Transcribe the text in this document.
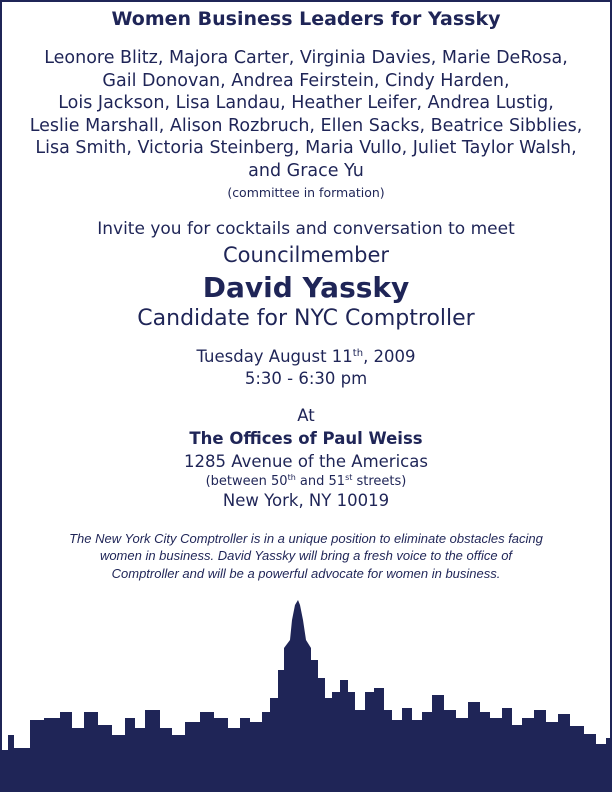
Women Business Leaders for Yassky
Leonore Blitz, Majora Carter, Virginia Davies, Marie DeRosa,
Gail Donovan, Andrea Feirstein, Cindy Harden,
Lois Jackson, Lisa Landau, Heather Leifer, Andrea Lustig,
Leslie Marshall, Alison Rozbruch, Ellen Sacks, Beatrice Sibblies,
Lisa Smith, Victoria Steinberg, Maria Vullo, Juliet Taylor Walsh,
and Grace Yu
(committee in formation)
Invite you for cocktails and conversation to meet
Councilmember
David Yassky
Candidate for NYC Comptroller
Tuesday August 11th, 2009
5:30 - 6:30 pm
At
The Offices of Paul Weiss
1285 Avenue of the Americas
(between 50th and 51st streets)
New York, NY 10019
The New York City Comptroller is in a unique position to eliminate obstacles facing
women in business. David Yassky will bring a fresh voice to the office of
Comptroller and will be a powerful advocate for women in business.
